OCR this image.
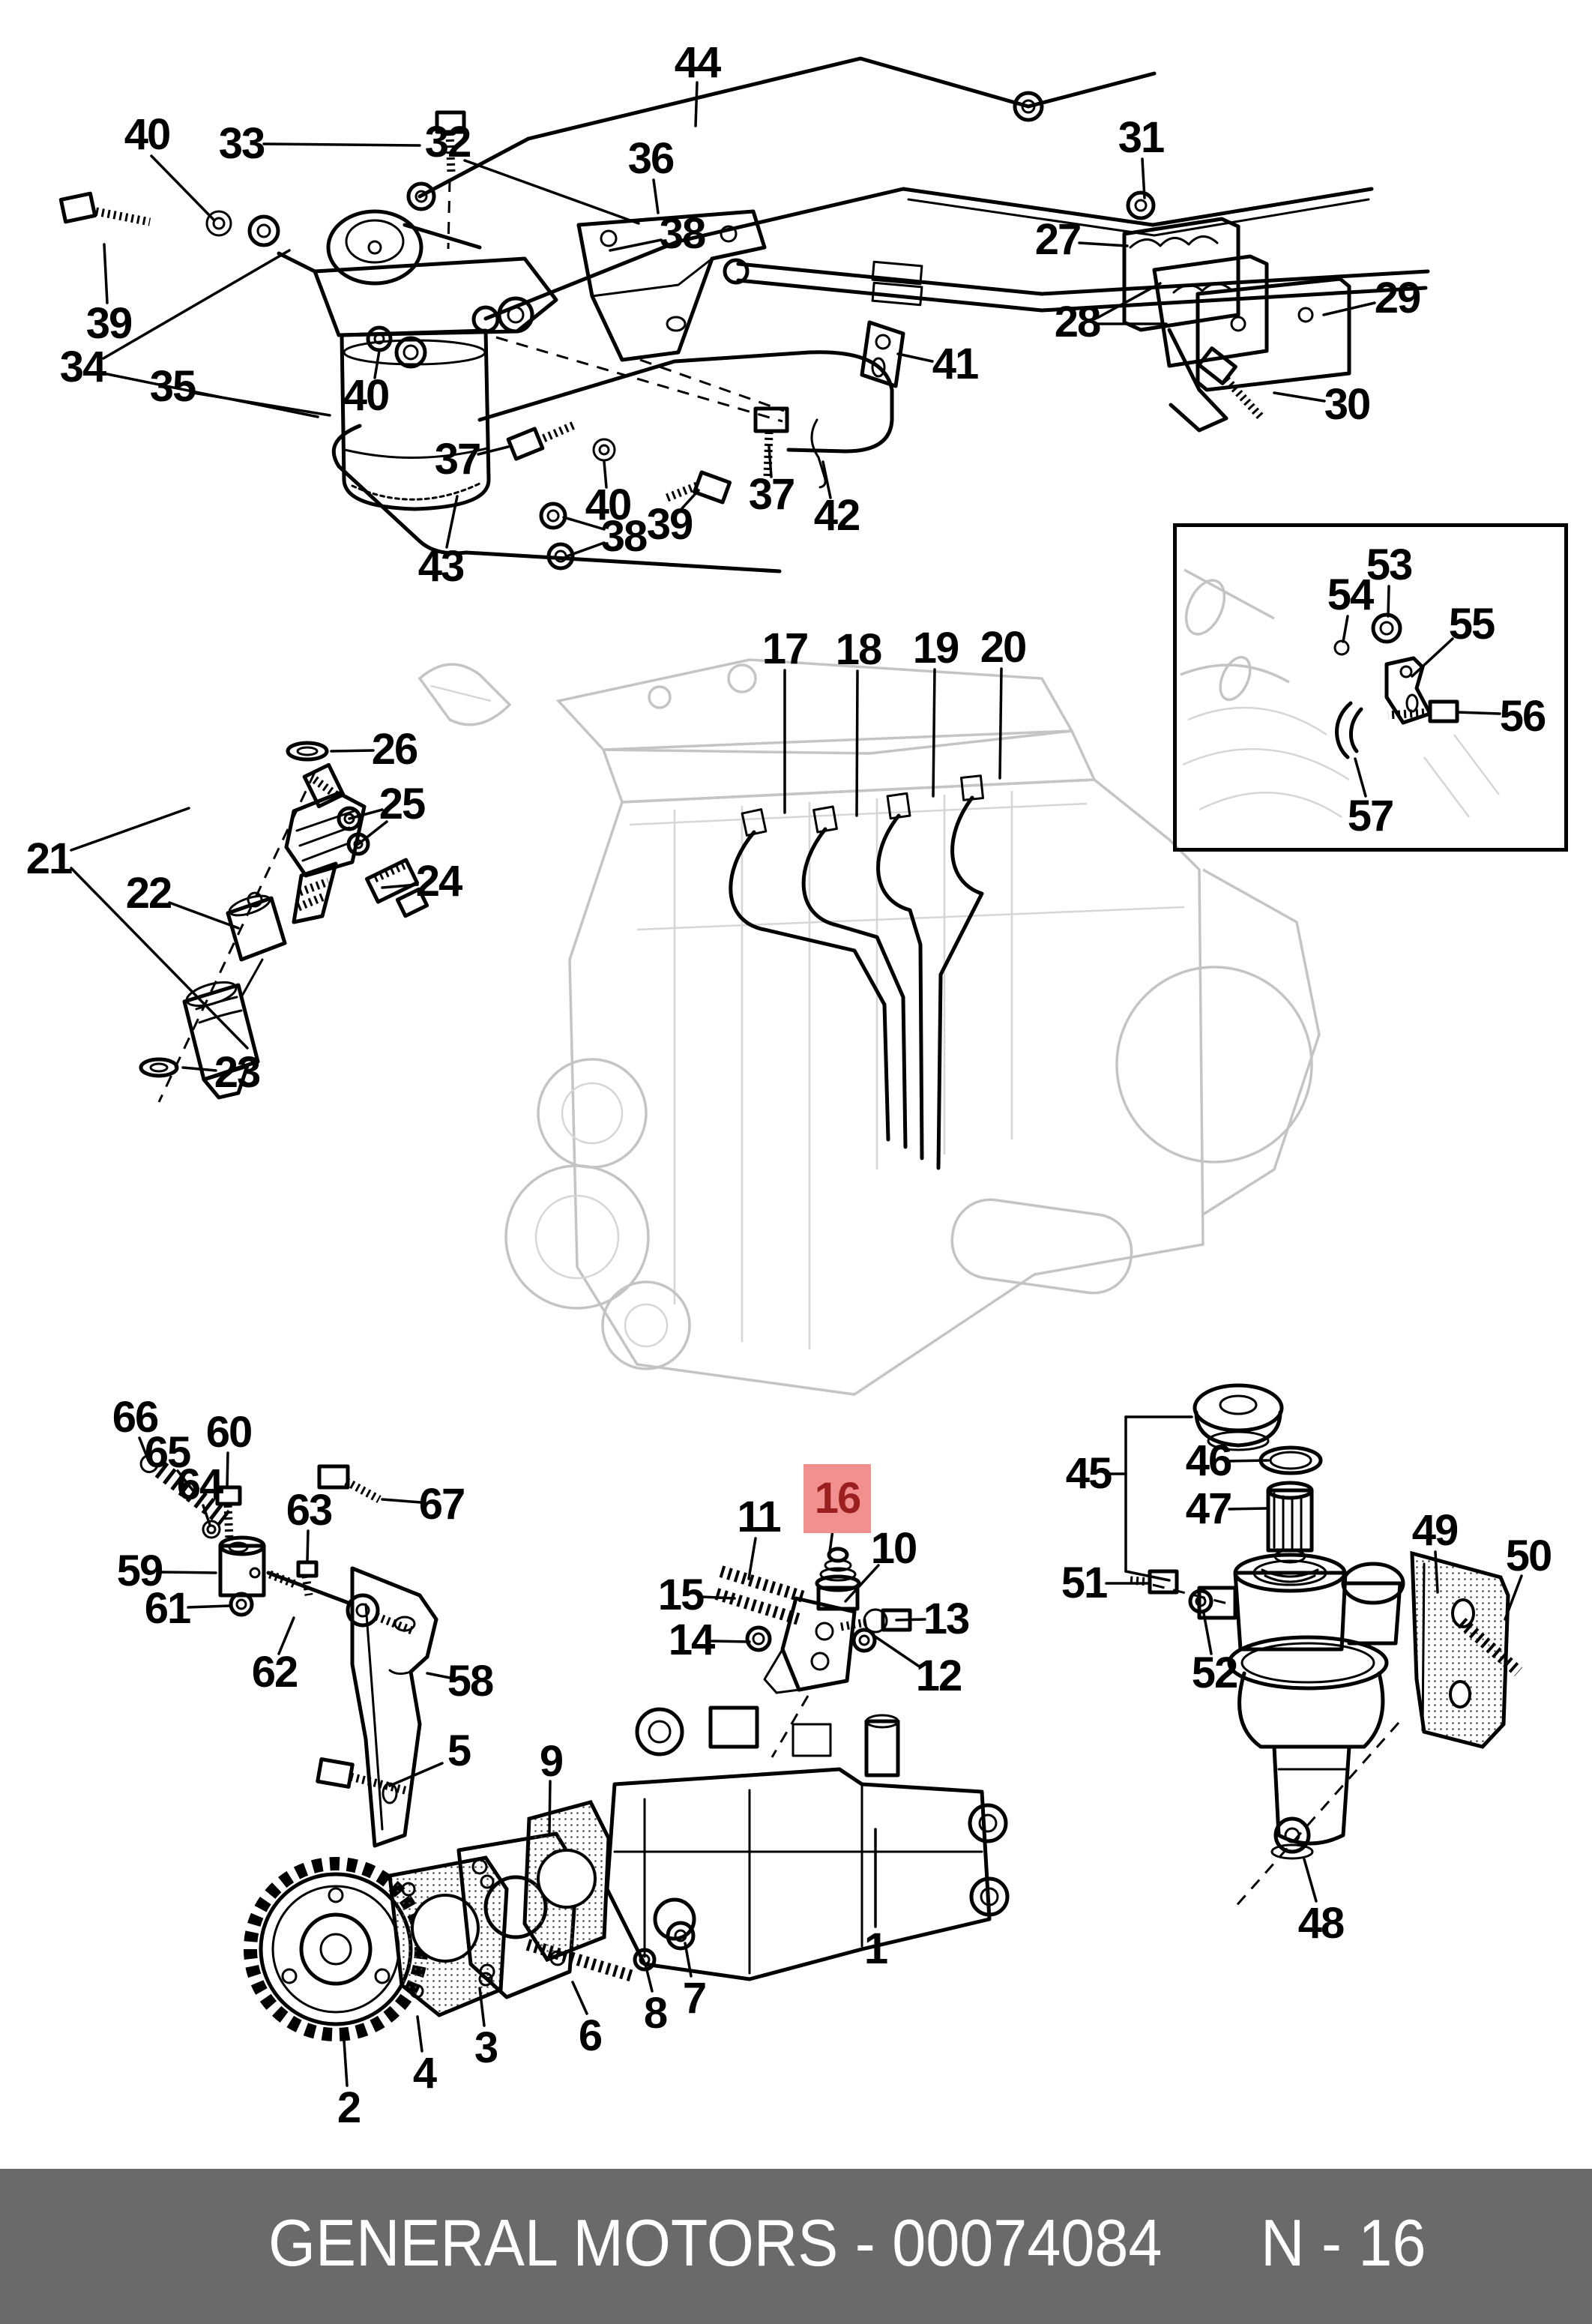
1
2
3
4
5
6
7
8
9
10
11
12
13
14
15
16
17 18 19 20
21
22
23
24
25
26
27
28	29
30
31
32
33
34 35
36
37
37
38
38
39
39
40
40
40
41
42
43
44
45 46
47
48
49
50
51
52
53
54
55
56
57
58
59
60
61
62
63
64
65
66
67
GENERAL MOTORS - 00074084 N - 16
